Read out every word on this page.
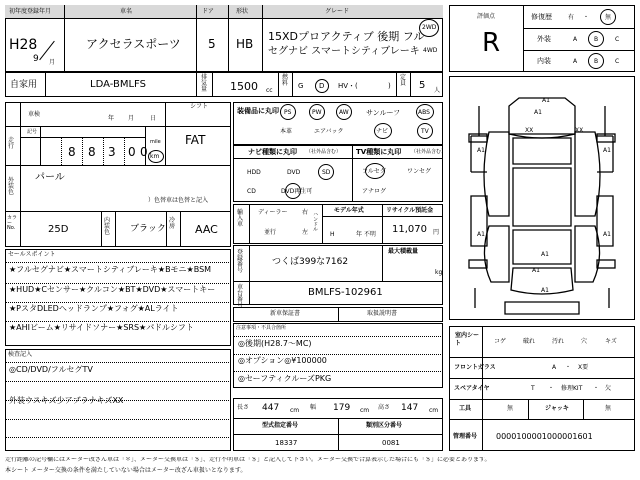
初年度登録年月	車名	ドア	形状	グレード
H28
9 月
アクセラスポーツ 5 HB
15XDプロアクティブ 後期 フル
セグナビ スマートシティブレーキ
2WD
4WD
自家用	LDA-BMLFS
排気量 1500 cc
燃料 G D HV・(	)
定員 5 人
評価点
R
修復歴	有 ・	無
外装	A	B	C
内装	A	B	C
車検
年 月	日
シフト
走行
記号
8 8 3 0 0 km
mile FAT
外装色
パール
）色替車は色替と記入
カラーNo.	25D
内装色 ブラック
冷房 AAC
装備品に丸印 PS	PW	AW サンルーフ	ABS
本革	エアバック	ナビ	TV
ナビ種類に丸印 （社外品含む） TV種類に丸印 （社外品含む）
HDD	DVD	SD
CD	DVD再生可
フルセグ	ワンセグ
アナログ
輸入車
ディーラー
並行
右
左
ハンドル
モデル年式
H	年 不明
リサイクル預託金
11,070 円
セールスポイント
★フルセグナビ★スマートシティブレーキ★Bモニ★BSM
★HUD★Cセンサー★クルコン★BT★DVD★スマートキー
★PスタDLEDヘッドランプ★フォグ★ALライト
★AHIビーム★リサイドソナー★SRS★パドルシフト
登録番号
つくば399な7162
最大積載量
kg
車台番号
BMLFS-102961
新車保証書	取扱説明書
注意事項・不具合箇所
◎後期(H28.7～MC)
◎オプション◎¥100000
◎セーフティクルーズPKG
検査記入
◎CD/DVD/フルセグTV
外装ウスキズ少アブラナキズXX
長さ 447 cm 幅 179 cm 高さ 147 cm
型式指定番号	類別区分番号
18337	0081
A1
A1
XX	XX
A1	A1
A1	A1
A1
A1
A1
室内シート	コゲ	破れ	汚れ	穴	キズ
フロントガラス	A ・ X要
スペアタイヤ	T ・ 修理KIT ・ 欠
工具	無	ジャッキ	無
管理番号 0000100001000001601
走行距離の記号欄にはメーター改ざん車は「＊」、メーター交換車は「＄」、走行不明車は「＄」と記入して下さい。メーター交換で合算表示した場合にも「＄」に必要とあります。
本シート メーター交換の条件を満たしていない場合はメーター改ざん車扱いとなります。
